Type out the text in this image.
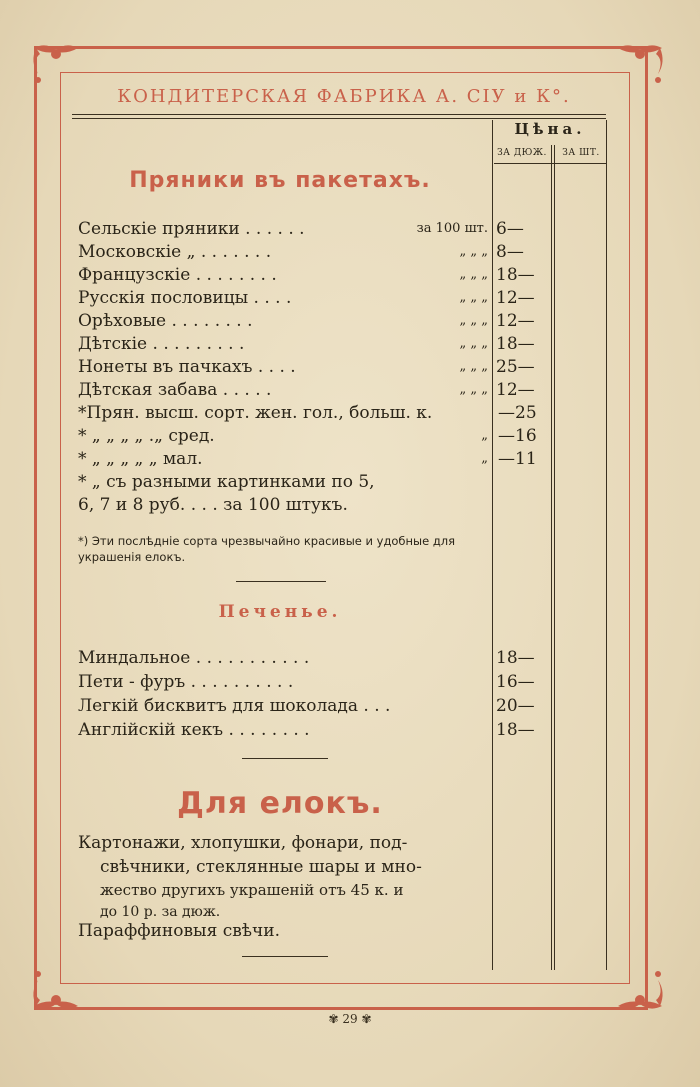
КОНДИТЕРСКАЯ ФАБРИКА А. СІУ и К°.
Цѣна.
ЗА ДЮЖ.	ЗА ШТ.
Пряники въ пакетахъ.
Сельскіе пряники . . . . . .	за 100 шт. 6—
Московскіе „ . . . . . . .	„ „ „ 8—
Французскіе . . . . . . . .	„ „ „ 18—
Русскія пословицы . . . .	„ „ „ 12—
Орѣховые . . . . . . . .	„ „ „ 12—
Дѣтскіе . . . . . . . . .	„ „ „ 18—
Нонеты въ пачкахъ . . . .	„ „ „ 25—
Дѣтская забава . . . . .	„ „ „ 12—
*Прян. высш. сорт. жен. гол., больш. к.	—25
* „ „ „ „ .„ сред.	„ —16
* „ „ „ „ „ мал.	„ —11
* „ съ разными картинками по 5,
6, 7 и 8 руб. . . . за 100 штукъ.
*) Эти послѣдніе сорта чрезвычайно красивые и удобные для украшенія елокъ.
Печенье.
Миндальное . . . . . . . . . . .	18—
Пети - фуръ . . . . . . . . . .	16—
Легкій бисквитъ для шоколада . . .	20—
Англійскій кекъ . . . . . . . .	18—
Для елокъ.
Картонажи, хлопушки, фонари, под-
свѣчники, стеклянные шары и мно-
жество другихъ украшеній отъ 45 к. и
до 10 р. за дюж.
Параффиновыя свѣчи.
✾ 29 ✾
